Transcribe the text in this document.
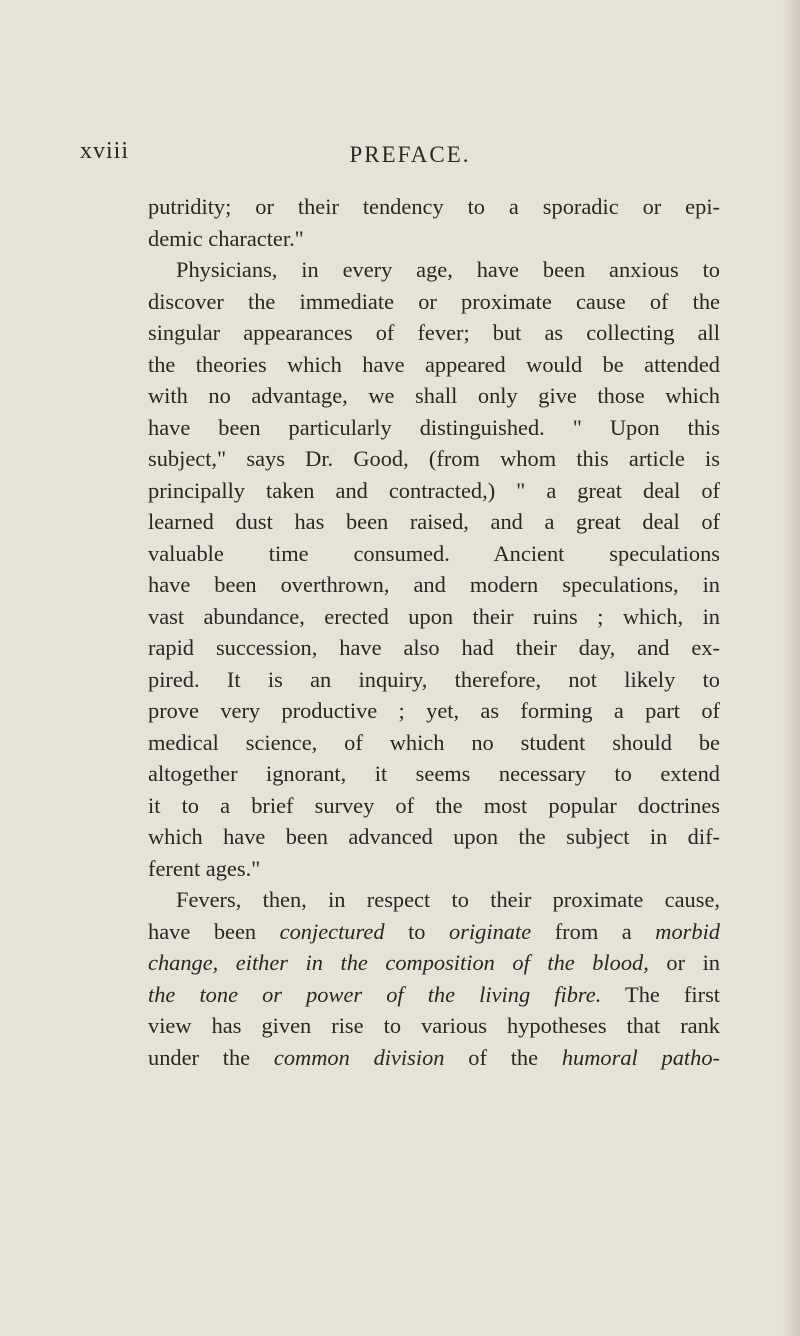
xviii	PREFACE.
putridity; or their tendency to a sporadic or epi-
demic character."
Physicians, in every age, have been anxious to
discover the immediate or proximate cause of the
singular appearances of fever; but as collecting all
the theories which have appeared would be attended
with no advantage, we shall only give those which
have been particularly distinguished. " Upon this
subject," says Dr. Good, (from whom this article is
principally taken and contracted,) " a great deal of
learned dust has been raised, and a great deal of
valuable time consumed. Ancient speculations
have been overthrown, and modern speculations, in
vast abundance, erected upon their ruins ; which, in
rapid succession, have also had their day, and ex-
pired. It is an inquiry, therefore, not likely to
prove very productive ; yet, as forming a part of
medical science, of which no student should be
altogether ignorant, it seems necessary to extend
it to a brief survey of the most popular doctrines
which have been advanced upon the subject in dif-
ferent ages."
Fevers, then, in respect to their proximate cause,
have been conjectured to originate from a morbid
change, either in the composition of the blood, or in
the tone or power of the living fibre. The first
view has given rise to various hypotheses that rank
under the common division of the humoral patho-
